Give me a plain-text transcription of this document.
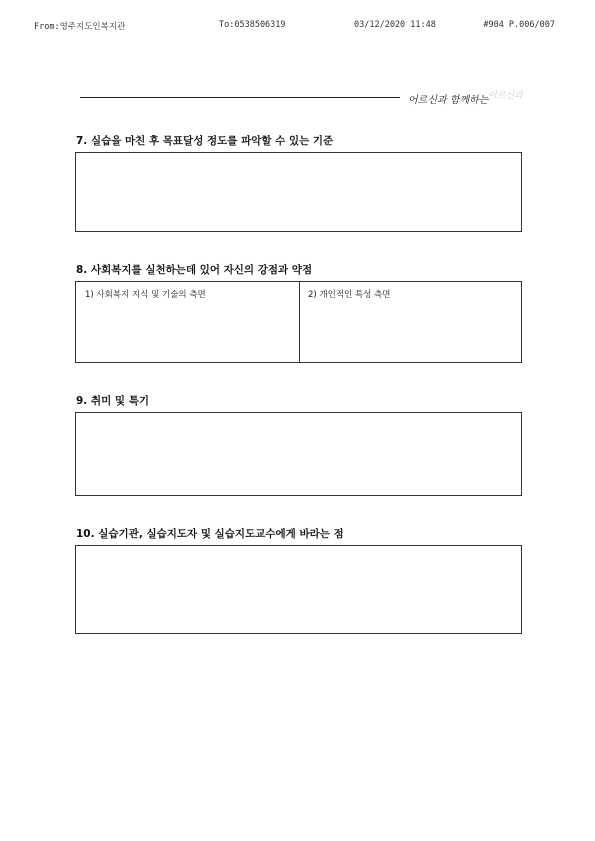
From:영주지도인복지관	To:0538506319	03/12/2020 11:48	#904 P.006/007
어르신과 함께하는 어르신과
7. 실습을 마친 후 목표달성 정도를 파악할 수 있는 기준
8. 사회복지를 실천하는데 있어 자신의 강점과 약점
1) 사회복지 지식 및 기술의 측면	2) 개인적인 특성 측면
9. 취미 및 특기
10. 실습기관, 실습지도자 및 실습지도교수에게 바라는 점
